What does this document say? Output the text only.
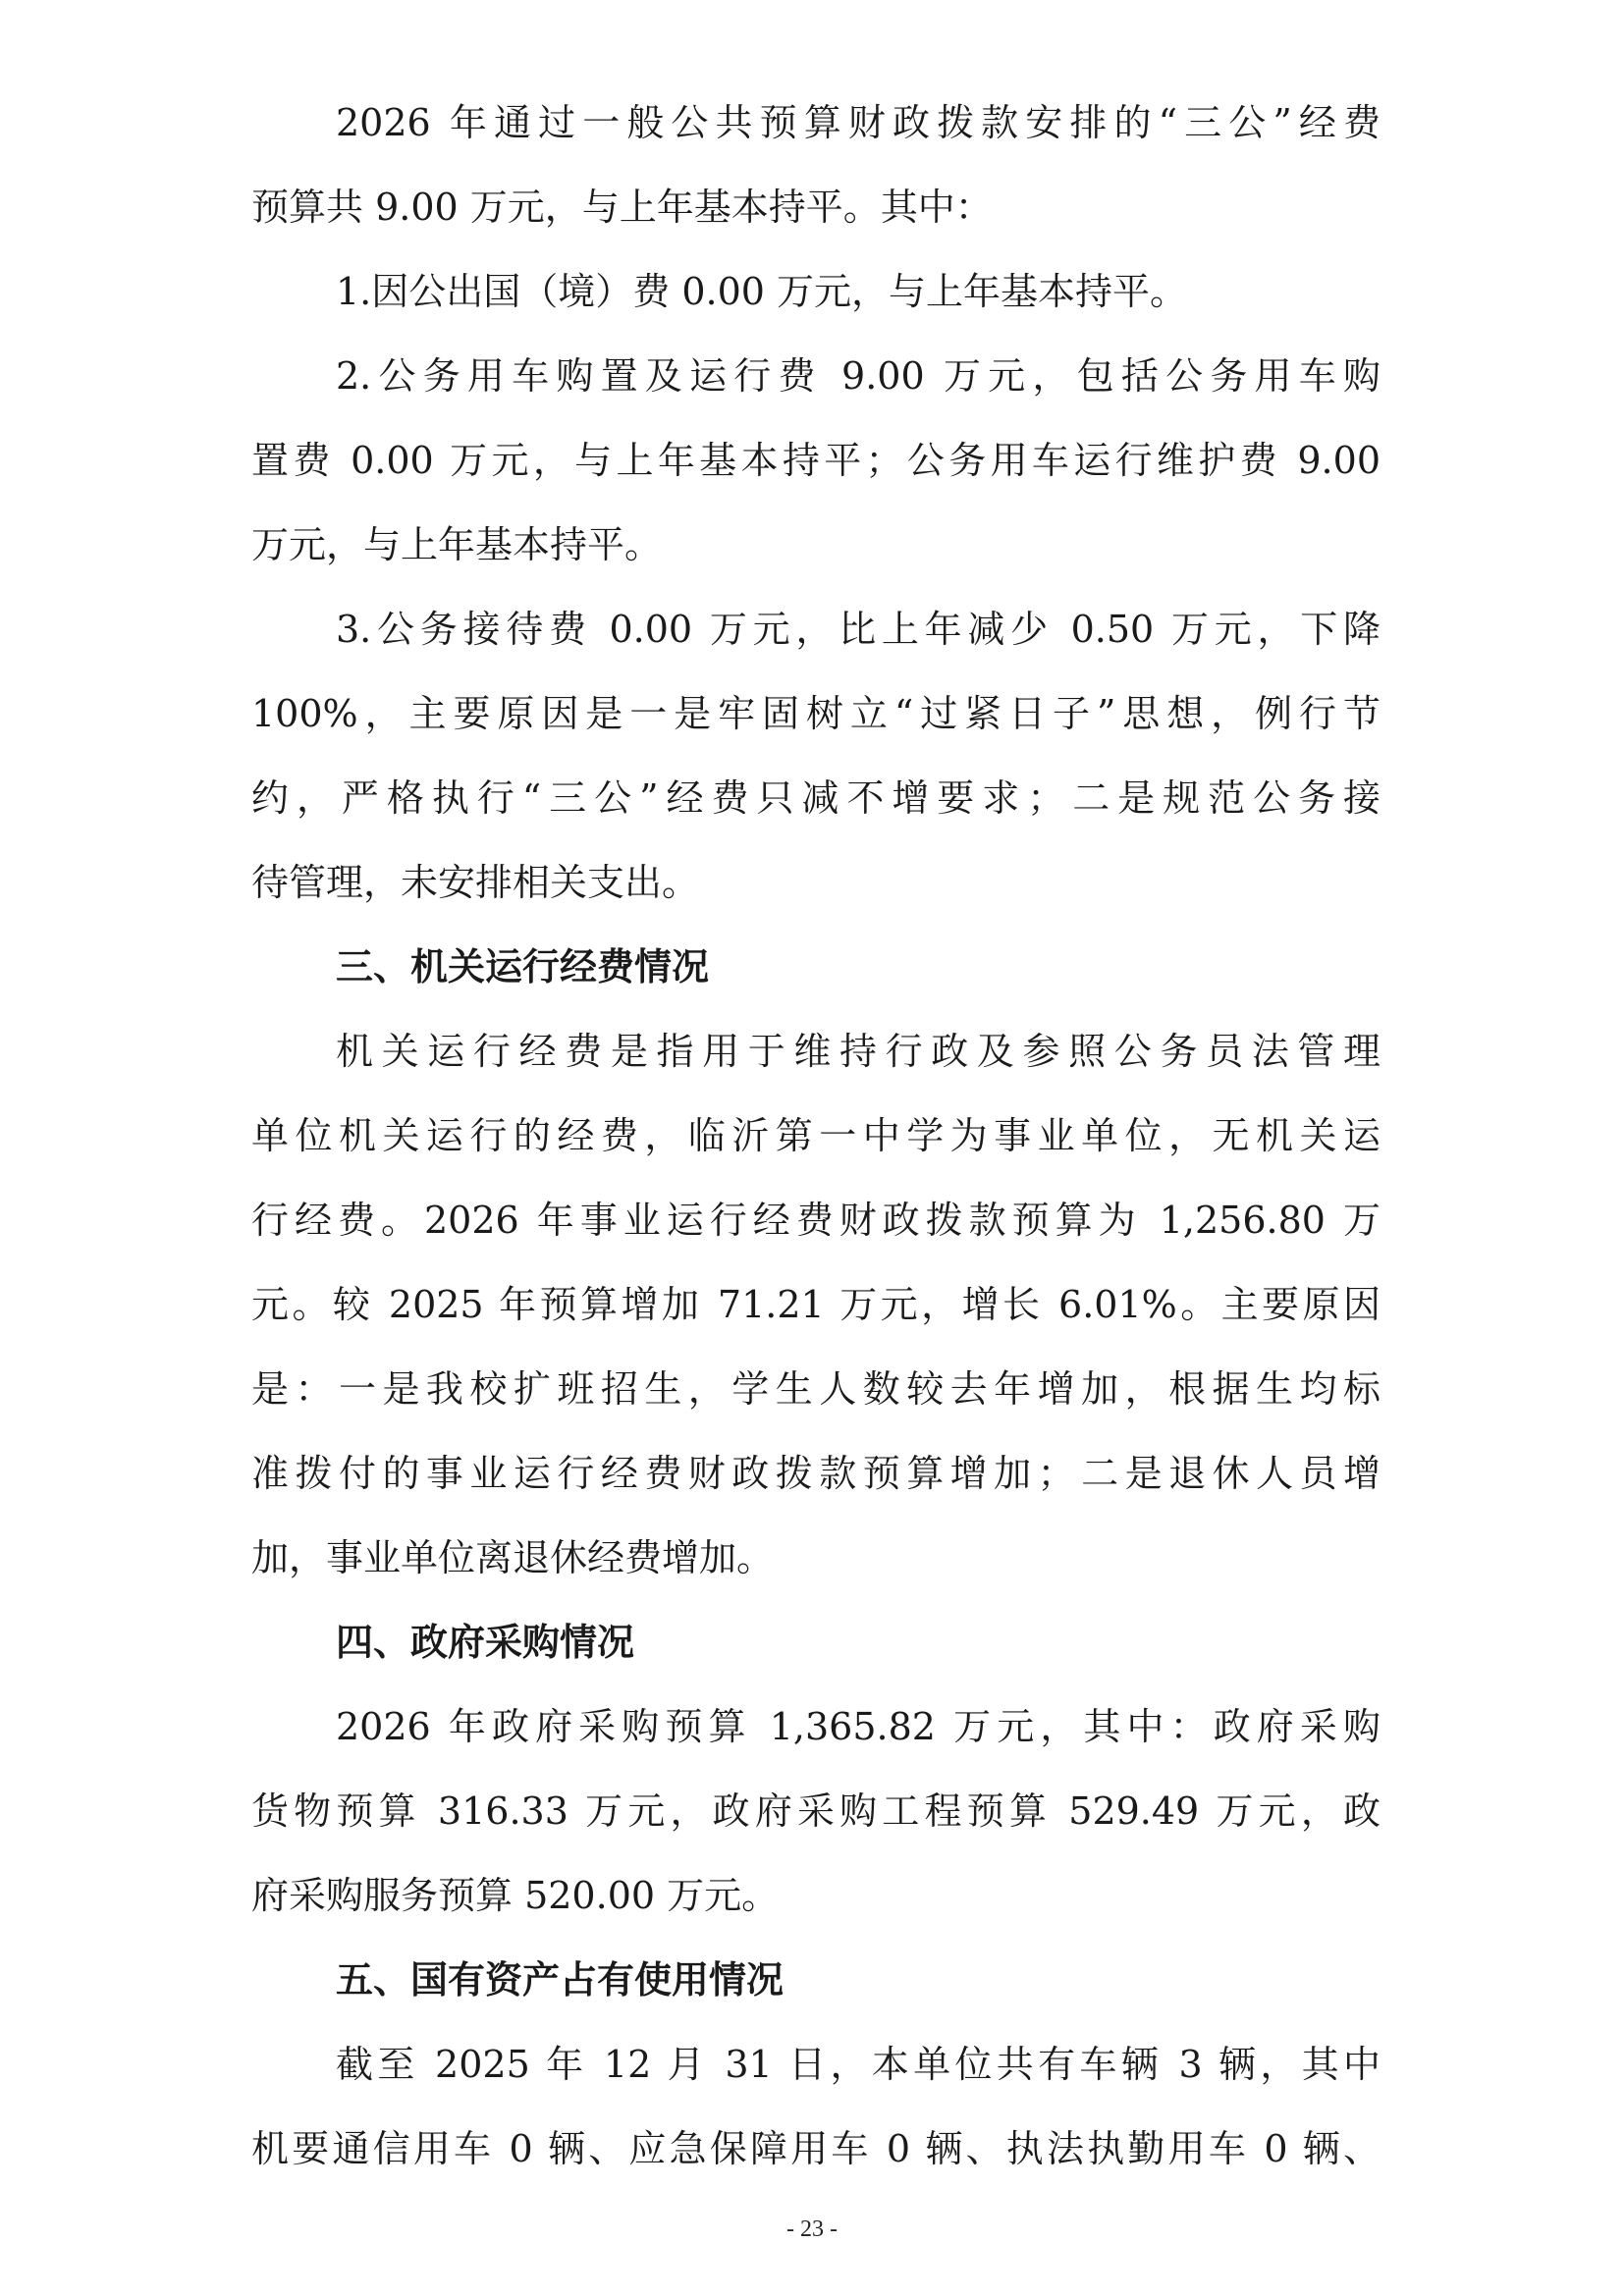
2026 年通过一般公共预算财政拨款安排的“三公”经费
预算共 9.00 万元，与上年基本持平。其中：
1.因公出国（境）费 0.00 万元，与上年基本持平。
2.公务用车购置及运行费 9.00 万元，包括公务用车购
置费 0.00 万元，与上年基本持平；公务用车运行维护费 9.00
万元，与上年基本持平。
3.公务接待费 0.00 万元，比上年减少 0.50 万元，下降
100%，主要原因是一是牢固树立“过紧日子”思想，例行节
约，严格执行“三公”经费只减不增要求；二是规范公务接
待管理，未安排相关支出。
三、机关运行经费情况
机关运行经费是指用于维持行政及参照公务员法管理
单位机关运行的经费，临沂第一中学为事业单位，无机关运
行经费。2026 年事业运行经费财政拨款预算为 1,256.80 万
元。较 2025 年预算增加 71.21 万元，增长 6.01%。主要原因
是：一是我校扩班招生，学生人数较去年增加，根据生均标
准拨付的事业运行经费财政拨款预算增加；二是退休人员增
加，事业单位离退休经费增加。
四、政府采购情况
2026 年政府采购预算 1,365.82 万元，其中：政府采购
货物预算 316.33 万元，政府采购工程预算 529.49 万元，政
府采购服务预算 520.00 万元。
五、国有资产占有使用情况
截至 2025 年 12 月 31 日，本单位共有车辆 3 辆，其中
机要通信用车 0 辆、应急保障用车 0 辆、执法执勤用车 0 辆、
- 23 -
